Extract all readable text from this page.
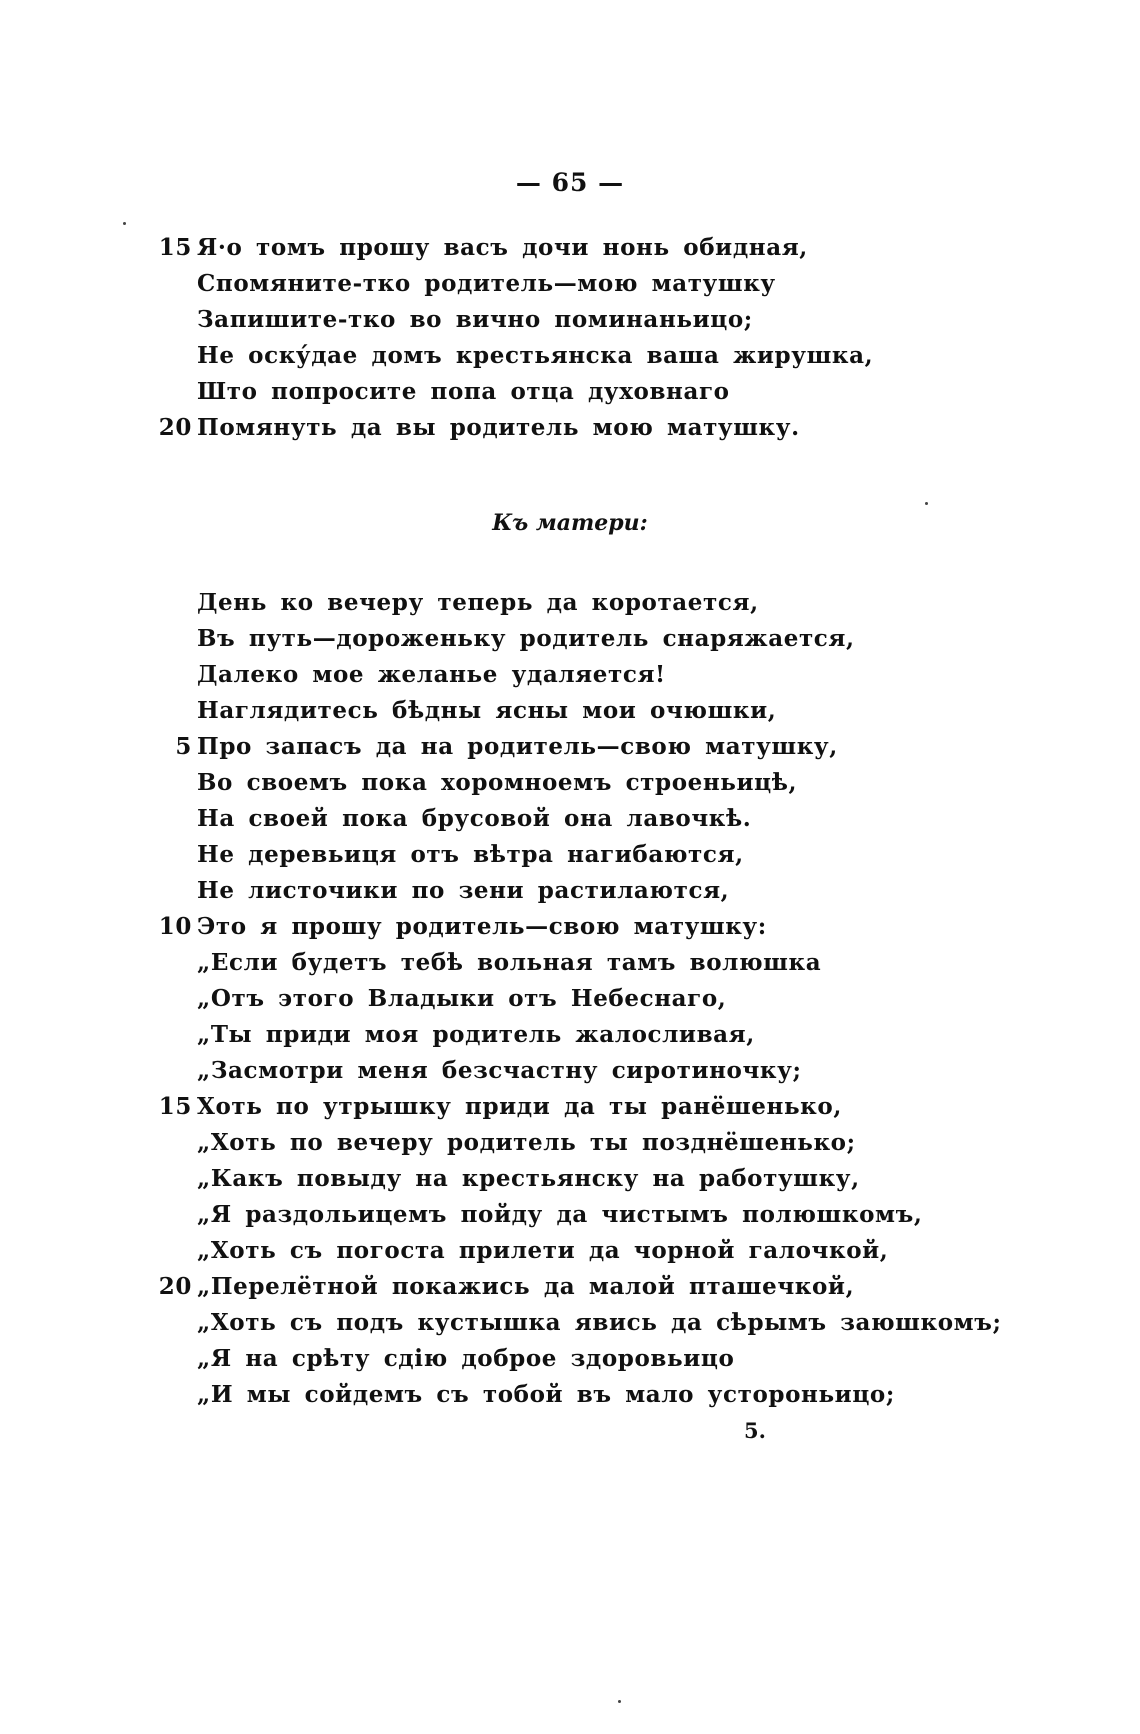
— 65 —
15 Я·о томъ прошу васъ дочи нонь обидная,
Спомяните-тко родитель—мою матушку
Запишите-тко во вично поминаньицо;
Не оску́дае домъ крестьянска ваша жирушка,
Што попросите попа отца духовнаго
20 Помянуть да вы родитель мою матушку.
Къ матери:
День ко вечеру теперь да коротается,
Въ путь—дороженьку родитель снаряжается,
Далеко мое желанье удаляется!
Наглядитесь бѣдны ясны мои очюшки,
5 Про запасъ да на родитель—свою матушку,
Во своемъ пока хоромноемъ строеньицѣ,
На своей пока брусовой она лавочкѣ.
Не деревьиця отъ вѣтра нагибаются,
Не листочики по зени растилаются,
10 Это я прошу родитель—свою матушку:
„Если будетъ тебѣ вольная тамъ волюшка
„Отъ этого Владыки отъ Небеснаго,
„Ты приди моя родитель жалосливая,
„Засмотри меня безсчастну сиротиночку;
15 Хоть по утрышку приди да ты ранёшенько,
„Хоть по вечеру родитель ты позднёшенько;
„Какъ повыду на крестьянску на работушку,
„Я раздольицемъ пойду да чистымъ полюшкомъ,
„Хоть съ погоста прилети да чорной галочкой,
20 „Перелётной покажись да малой пташечкой,
„Хоть съ подъ кустышка явись да сѣрымъ заюшкомъ;
„Я на срѣту сдію доброе здоровьицо
„И мы сойдемъ съ тобой въ мало устороньицо;
5.
